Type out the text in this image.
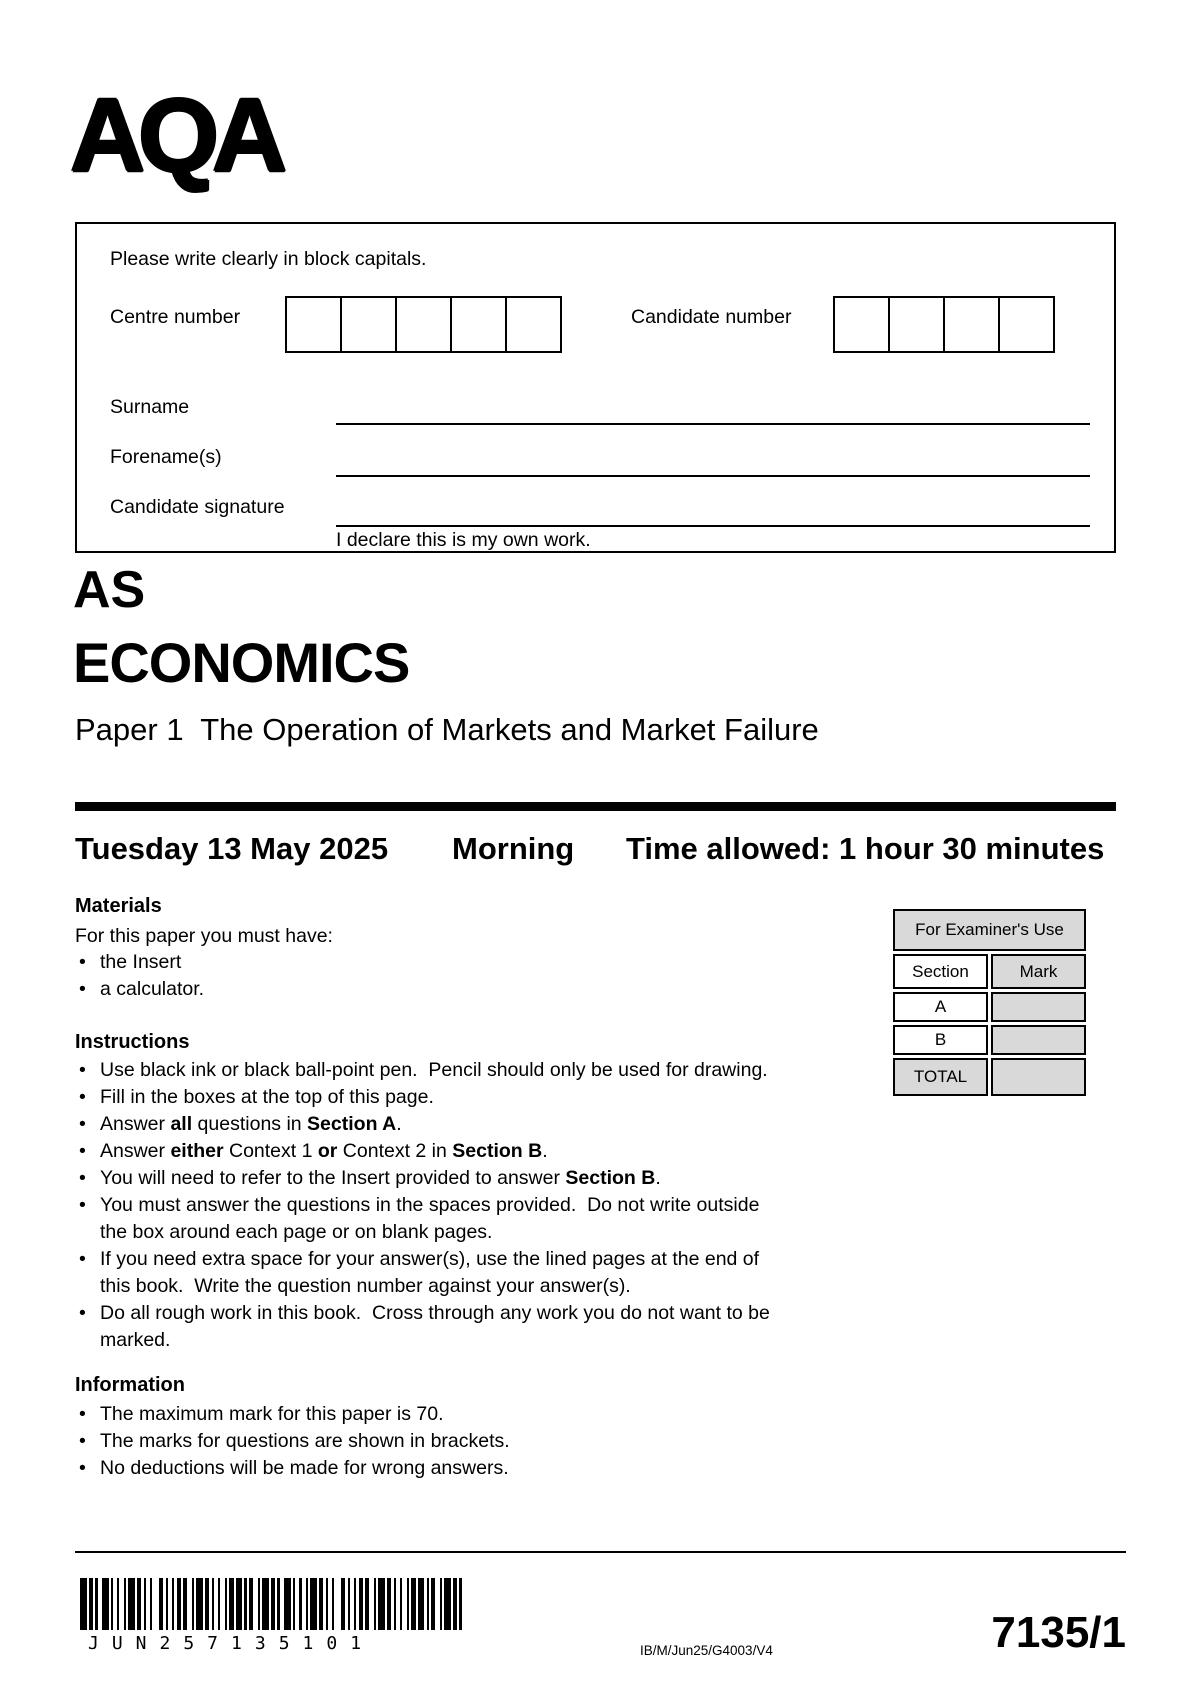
AQA
Please write clearly in block capitals.
Centre number	Candidate number
Surname
Forename(s)
Candidate signature
I declare this is my own work.
AS
ECONOMICS
Paper 1  The Operation of Markets and Market Failure
Tuesday 13 May 2025 Morning Time allowed: 1 hour 30 minutes
Materials
For this paper you must have:
• the Insert
• a calculator.
For Examiner's Use	
Section	Mark
A	
B	
TOTAL	
Instructions
• Use black ink or black ball-point pen.  Pencil should only be used for drawing.
• Fill in the boxes at the top of this page.
• Answer all questions in Section A.
• Answer either Context 1 or Context 2 in Section B.
• You will need to refer to the Insert provided to answer Section B.
• You must answer the questions in the spaces provided.  Do not write outside
the box around each page or on blank pages.
• If you need extra space for your answer(s), use the lined pages at the end of
this book.  Write the question number against your answer(s).
• Do all rough work in this book.  Cross through any work you do not want to be
marked.
Information
• The maximum mark for this paper is 70.
• The marks for questions are shown in brackets.
• No deductions will be made for wrong answers.
JUN257135101	IB/M/Jun25/G4003/V4	7135/1
